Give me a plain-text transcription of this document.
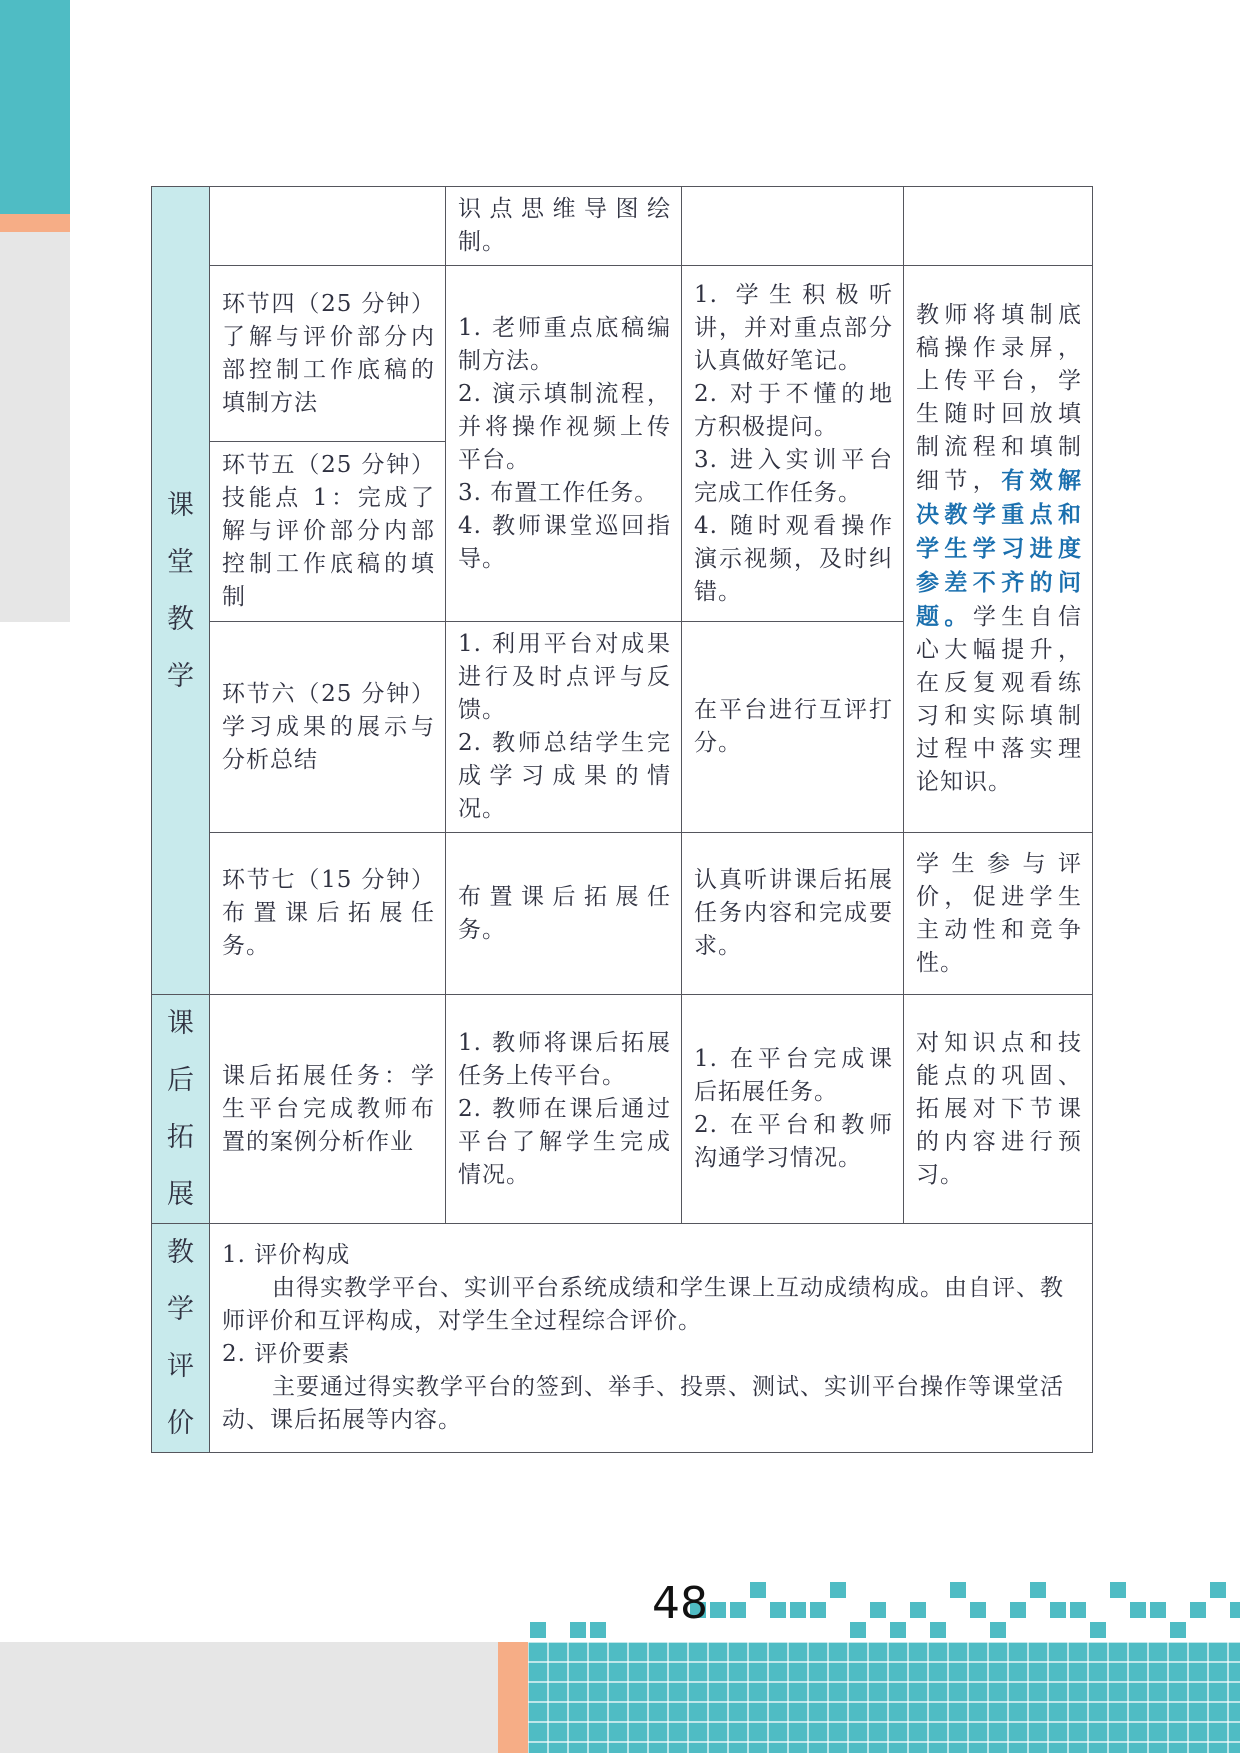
48
课堂教学		识点思维导图绘制。		
	环节四（25 分钟）了解与评价部分内部控制工作底稿的填制方法	1. 老师重点底稿编制方法。
2. 演示填制流程，并将操作视频上传平台。
3. 布置工作任务。
4. 教师课堂巡回指导。	1. 学生积极听讲，并对重点部分认真做好笔记。
2. 对于不懂的地方积极提问。
3. 进入实训平台完成工作任务。
4. 随时观看操作演示视频，及时纠错。	教师将填制底稿操作录屏，上传平台，学生随时回放填制流程和填制细节，有效解决教学重点和学生学习进度参差不齐的问题。学生自信心大幅提升，在反复观看练习和实际填制过程中落实理论知识。
	环节五（25 分钟）技能点 1：完成了解与评价部分内部控制工作底稿的填制			
	环节六（25 分钟）学习成果的展示与分析总结	1. 利用平台对成果进行及时点评与反馈。
2. 教师总结学生完成学习成果的情况。	在平台进行互评打分。	
	环节七（15 分钟）布置课后拓展任务。	布置课后拓展任务。	认真听讲课后拓展任务内容和完成要求。	学生参与评价，促进学生主动性和竞争性。

课后拓展	课后拓展任务：学生平台完成教师布置的案例分析作业	1. 教师将课后拓展任务上传平台。
2. 教师在课后通过平台了解学生完成情况。	1. 在平台完成课后拓展任务。
2. 在平台和教师沟通学习情况。	对知识点和技能点的巩固、拓展对下节课的内容进行预习。
教学评价	1. 评价构成
由得实教学平台、实训平台系统成绩和学生课上互动成绩构成。由自评、教师评价和互评构成，对学生全过程综合评价。
2. 评价要素
主要通过得实教学平台的签到、举手、投票、测试、实训平台操作等课堂活动、课后拓展等内容。			
